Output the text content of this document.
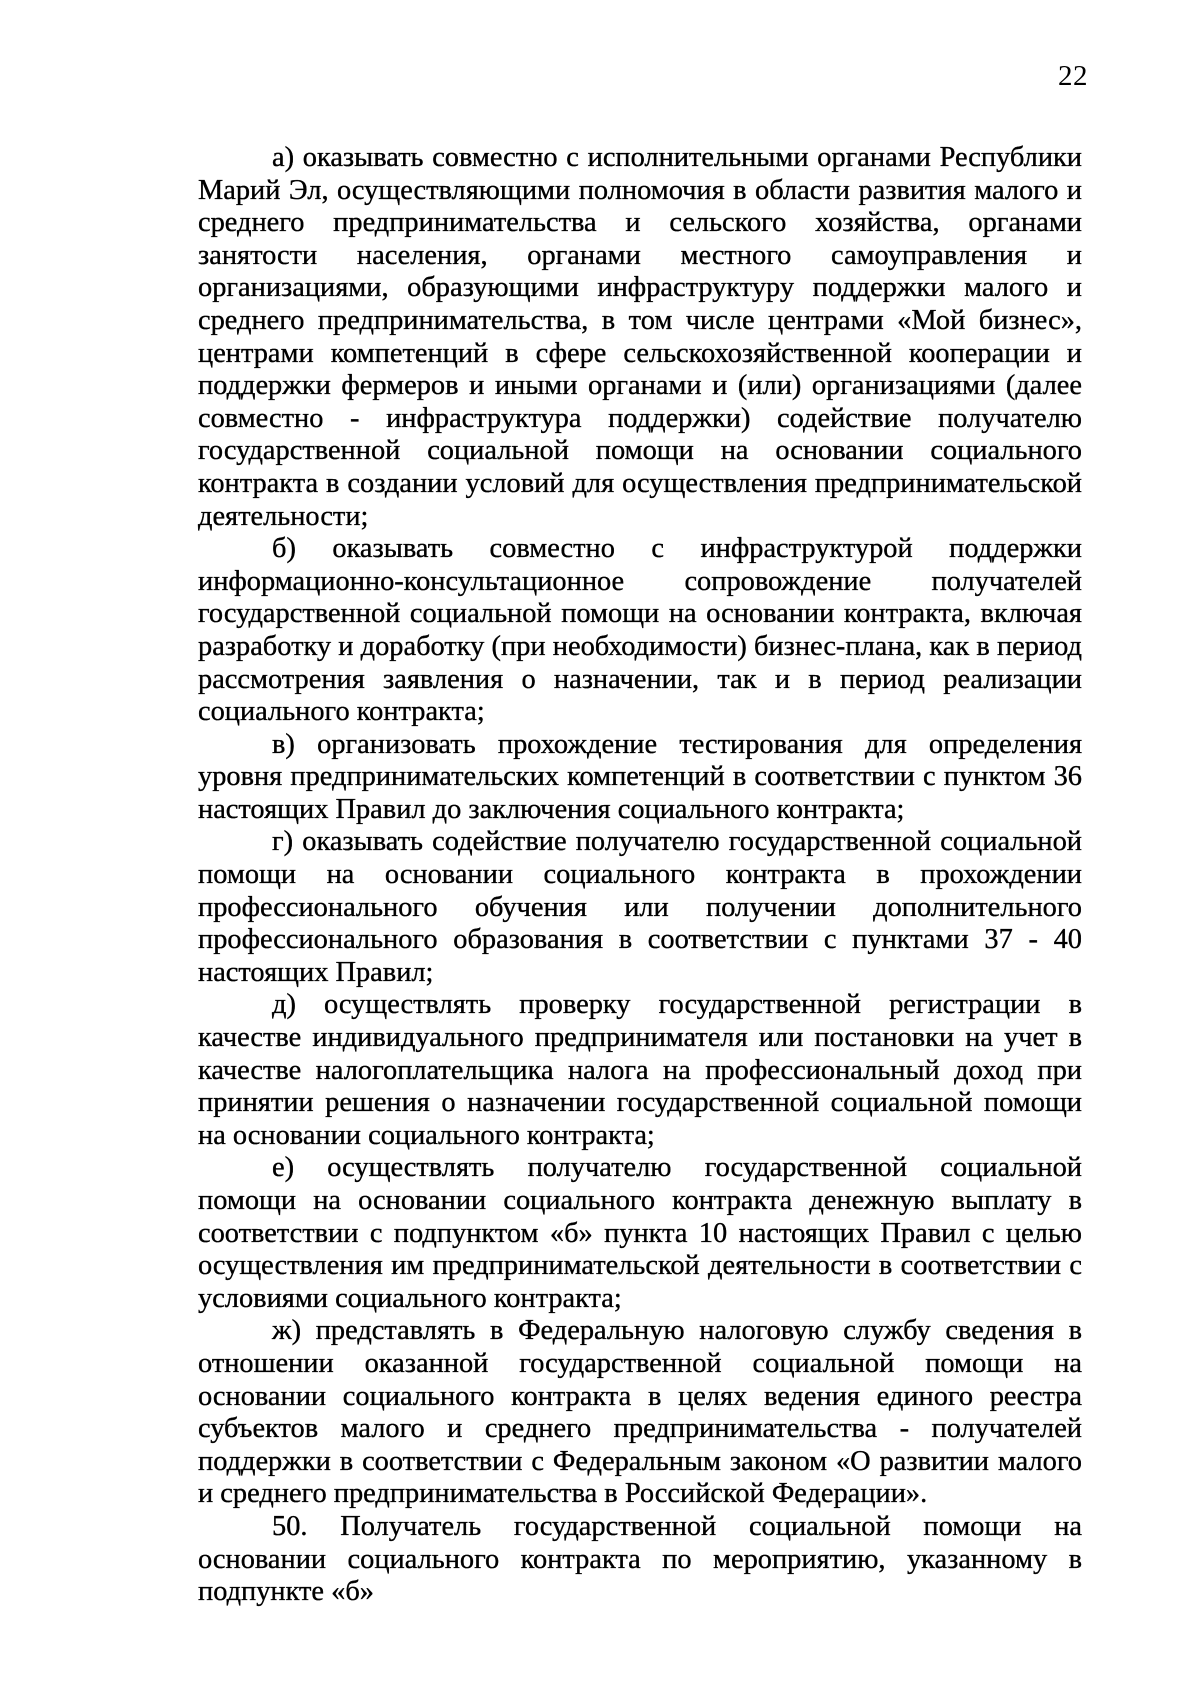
22

а) оказывать совместно с исполнительными органами Республики Марий Эл, осуществляющими полномочия в области развития малого и среднего предпринимательства и сельского хозяйства, органами занятости населения, органами местного самоуправления и организациями, образующими инфраструктуру поддержки малого и среднего предпринимательства, в том числе центрами «Мой бизнес», центрами компетенций в сфере сельскохозяйственной кооперации и поддержки фермеров и иными органами и (или) организациями (далее совместно - инфраструктура поддержки) содействие получателю государственной социальной помощи на основании социального контракта в создании условий для осуществления предпринимательской деятельности;

б) оказывать совместно с инфраструктурой поддержки информационно-консультационное сопровождение получателей государственной социальной помощи на основании контракта, включая разработку и доработку (при необходимости) бизнес-плана, как в период рассмотрения заявления о назначении, так и в период реализации социального контракта;

в) организовать прохождение тестирования для определения уровня предпринимательских компетенций в соответствии с пунктом 36 настоящих Правил до заключения социального контракта;

г) оказывать содействие получателю государственной социальной помощи на основании социального контракта в прохождении профессионального обучения или получении дополнительного профессионального образования в соответствии с пунктами 37 - 40 настоящих Правил;

д) осуществлять проверку государственной регистрации в качестве индивидуального предпринимателя или постановки на учет в качестве налогоплательщика налога на профессиональный доход при принятии решения о назначении государственной социальной помощи на основании социального контракта;

е) осуществлять получателю государственной социальной помощи на основании социального контракта денежную выплату в соответствии с подпунктом «б» пункта 10 настоящих Правил с целью осуществления им предпринимательской деятельности в соответствии с условиями социального контракта;

ж) представлять в Федеральную налоговую службу сведения в отношении оказанной государственной социальной помощи на основании социального контракта в целях ведения единого реестра субъектов малого и среднего предпринимательства - получателей поддержки в соответствии с Федеральным законом «О развитии малого и среднего предпринимательства в Российской Федерации».

50. Получатель государственной социальной помощи на основании социального контракта по мероприятию, указанному в подпункте «б»
